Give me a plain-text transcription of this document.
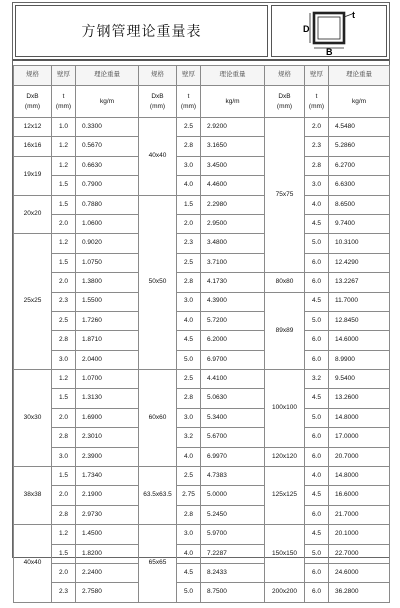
方钢管理论重量表	D
B
t
规格	壁厚	理论重量

DxB
(mm)	t
(mm)	kg/m
12x12	1.0	0.3300
16x16	1.2	0.5670
19x19	1.2	0.6630
	1.5	0.7900
20x20	1.5	0.7880
	2.0	1.0600
25x25	1.2	0.9020
	1.5	1.0750
	2.0	1.3800
	2.3	1.5500
	2.5	1.7260
	2.8	1.8710
	3.0	2.0400
30x30	1.2	1.0700
	1.5	1.3130
	2.0	1.6900
	2.8	2.3010
	3.0	2.3900
38x38	1.5	1.7340
	2.0	2.1900
	2.8	2.9730
40x40	1.2	1.4500
	1.5	1.8200
	2.0	2.2400
	2.3	2.7580
规格	壁厚	理论重量

DxB
(mm)	t
(mm)	kg/m
40x40	2.5	2.9200
	2.8	3.1650
	3.0	3.4500
	4.0	4.4600
50x50	1.5	2.2980
	2.0	2.9500
	2.3	3.4800
	2.5	3.7100
	2.8	4.1730
	3.0	4.3900
	4.0	5.7200
	4.5	6.2000
	5.0	6.9700
60x60	2.5	4.4100
	2.8	5.0630
	3.0	5.3400
	3.2	5.6700
	4.0	6.9970
63.5x63.5	2.5	4.7383
	2.75	5.0000
	2.8	5.2450
65x65	3.0	5.9700
	4.0	7.2287
	4.5	8.2433
	5.0	8.7500
规格	壁厚	理论重量

DxB
(mm)	t
(mm)	kg/m
75x75	2.0	4.5480
	2.3	5.2860
	2.8	6.2700
	3.0	6.6300
	4.0	8.6500
	4.5	9.7400
	5.0	10.3100
	6.0	12.4290
80x80	6.0	13.2267
89x89	4.5	11.7000
	5.0	12.8450
	6.0	14.6000
	6.0	8.9900
100x100	3.2	9.5400
	4.5	13.2600
	5.0	14.8000
	6.0	17.0000
120x120	6.0	20.7000
125x125	4.0	14.8000
	4.5	16.6000
	6.0	21.7000
150x150	4.5	20.1000
	5.0	22.7000
	6.0	24.6000
200x200	6.0	36.2800
